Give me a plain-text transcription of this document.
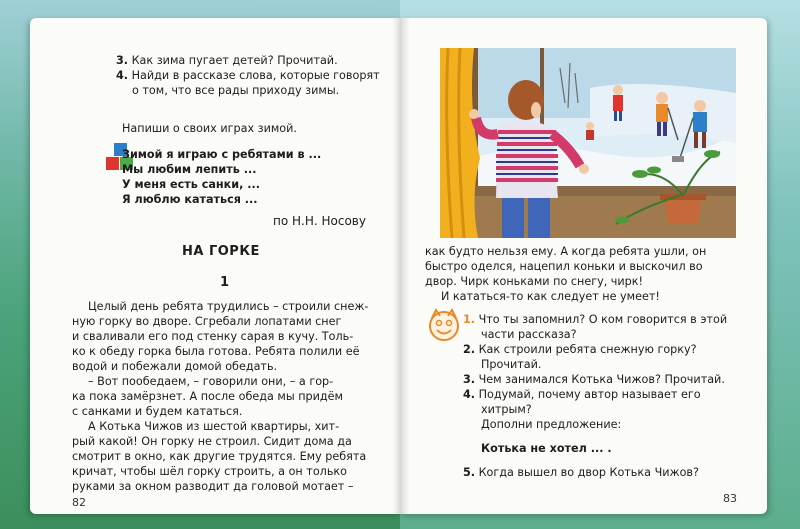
3. Как зима пугает детей? Прочитай.
4. Найди в рассказе слова, которые говорят
о том, что все рады приходу зимы.
Напиши о своих играх зимой.
Зимой я играю с ребятами в ...
Мы любим лепить ...
У меня есть санки, ...
Я люблю кататься ...
по Н.Н. Носову
НА ГОРКЕ
1
Целый день ребята трудились – строили снеж-
ную горку во дворе. Сгребали лопатами снег
и сваливали его под стенку сарая в кучу. Толь-
ко к обеду горка была готова. Ребята полили её
водой и побежали домой обедать.
– Вот пообедаем, – говорили они, – а гор-
ка пока замёрзнет. А после обеда мы придём
с санками и будем кататься.
А Котька Чижов из шестой квартиры, хит-
рый какой! Он горку не строил. Сидит дома да
смотрит в окно, как другие трудятся. Ему ребята
кричат, чтобы шёл горку строить, а он только
руками за окном разводит да головой мотает –
82
как будто нельзя ему. А когда ребята ушли, он
быстро оделся, нацепил коньки и выскочил во
двор. Чирк коньками по снегу, чирк!
И кататься-то как следует не умеет!
1. Что ты запомнил? О ком говорится в этой
части рассказа?
2. Как строили ребята снежную горку?
Прочитай.
3. Чем занимался Котька Чижов? Прочитай.
4. Подумай, почему автор называет его
хитрым?
Дополни предложение:
Котька не хотел ... .
5. Когда вышел во двор Котька Чижов?
83
